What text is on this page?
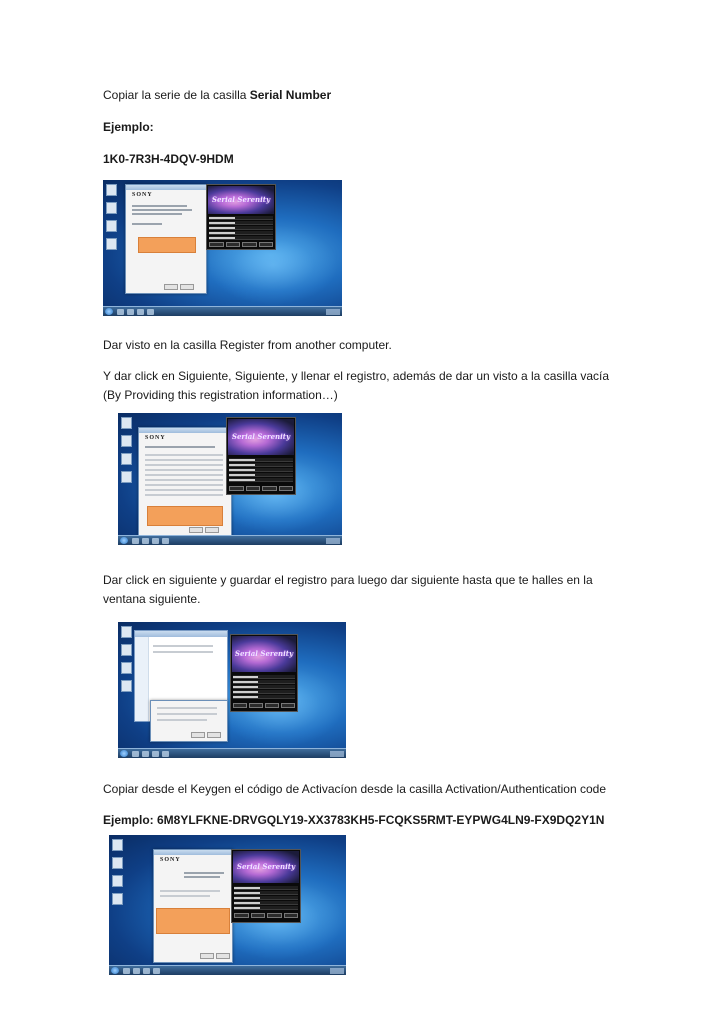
Copiar la serie de la casilla Serial Number
Ejemplo:
1K0-7R3H-4DQV-9HDM
SONY	Serial Serenity
Dar visto en la casilla Register from another computer.
Y dar click en Siguiente, Siguiente, y llenar el registro, además de dar un visto a la casilla vacía
(By Providing this registration information…)
SONY	Serial Serenity
Dar click en siguiente y guardar el registro para luego dar siguiente hasta que te halles en la
ventana siguiente.
Serial Serenity
Copiar desde el Keygen el código de Activacíon desde la casilla Activation/Authentication code
Ejemplo: 6M8YLFKNE-DRVGQLY19-XX3783KH5-FCQKS5RMT-EYPWG4LN9-FX9DQ2Y1N
SONY
Serial Serenity
